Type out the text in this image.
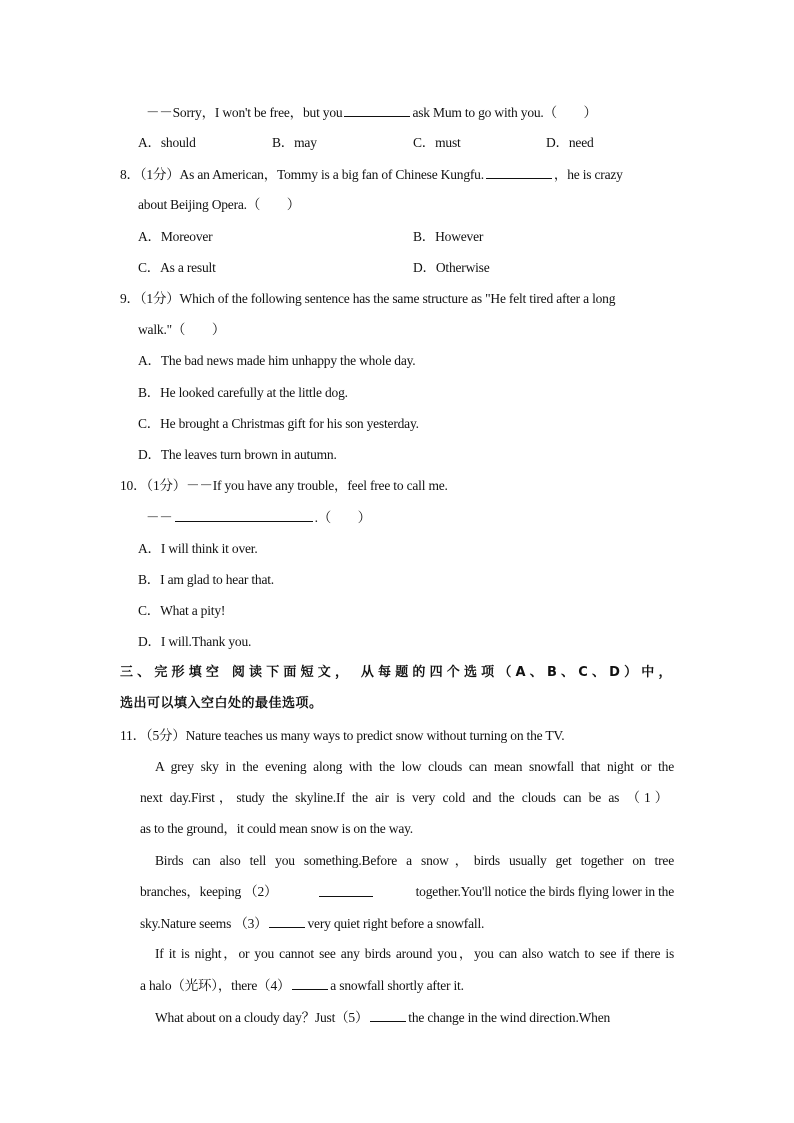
－－Sorry，I won't be free，but you	ask Mum to go with you.（　　）
A．should	B．may	C．must	D．need
8．（1分）As an American，Tommy is a big fan of Chinese Kungfu.	，he is crazy
about Beijing Opera.（　　）
A．Moreover	B．However
C．As a result	D．Otherwise
9．（1分）Which of the following sentence has the same structure as "He felt tired after a long
walk."（　　）
A．The bad news made him unhappy the whole day.
B．He looked carefully at the little dog.
C．He brought a Christmas gift for his son yesterday.
D．The leaves turn brown in autumn.
10．（1分）－－If you have any trouble，feel free to call me.
－－	.（　　）
A．I will think it over.
B．I am glad to hear that.
C．What a pity!
D．I will.Thank you.
三、完形填空 阅读下面短文， 从每题的四个选项（A、B、C、D）中，
选出可以填入空白处的最佳选项。
11．（5分）Nature teaches us many ways to predict snow without turning on the TV.
A grey sky in the evening along with the low clouds can mean snowfall that night or the
next day.First，study the skyline.If the air is very cold and the clouds can be as （1）
as to the ground，it could mean snow is on the way.
Birds can also tell you something.Before a snow，birds usually get together on tree
branches，keeping （2）	together.You'll notice the birds flying lower in the
sky.Nature seems （3）	very quiet right before a snowfall.
If it is night，or you cannot see any birds around you，you can also watch to see if there is
a halo（光环），there（4）	a snowfall shortly after it.
What about on a cloudy day？Just（5）	the change in the wind direction.When
